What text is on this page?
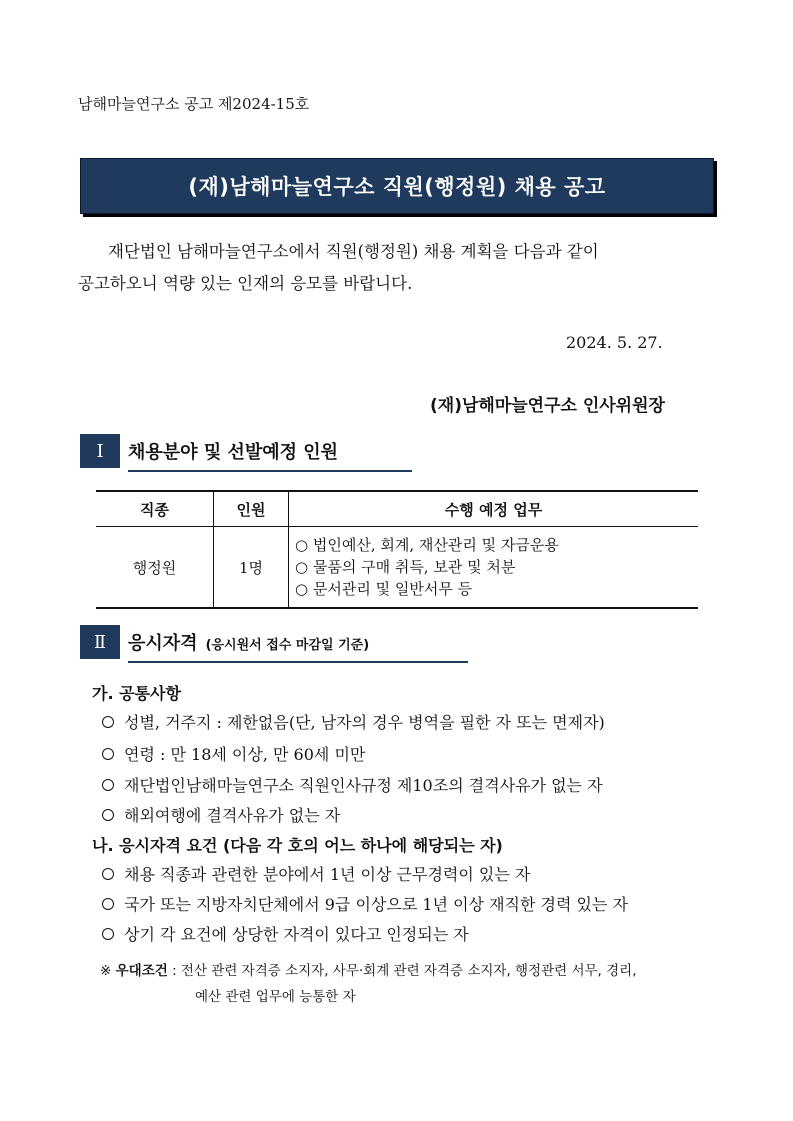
남해마늘연구소 공고 제2024-15호
(재)남해마늘연구소 직원(행정원) 채용 공고
재단법인 남해마늘연구소에서 직원(행정원) 채용 계획을 다음과 같이
공고하오니 역량 있는 인재의 응모를 바랍니다.
2024. 5. 27.
(재)남해마늘연구소 인사위원장
Ⅰ	채용분야 및 선발예정 인원
직종	인원	수행 예정 업무
행정원	1명	○ 법인예산, 회계, 재산관리 및 자금운용
○ 물품의 구매 취득, 보관 및 처분
○ 문서관리 및 일반서무 등
Ⅱ	응시자격 (응시원서 접수 마감일 기준)
가. 공통사항
성별, 거주지 : 제한없음(단, 남자의 경우 병역을 필한 자 또는 면제자)
연령 : 만 18세 이상, 만 60세 미만
재단법인남해마늘연구소 직원인사규정 제10조의 결격사유가 없는 자
해외여행에 결격사유가 없는 자
나. 응시자격 요건 (다음 각 호의 어느 하나에 해당되는 자)
채용 직종과 관련한 분야에서 1년 이상 근무경력이 있는 자
국가 또는 지방자치단체에서 9급 이상으로 1년 이상 재직한 경력 있는 자
상기 각 요건에 상당한 자격이 있다고 인정되는 자
※ 우대조건 : 전산 관련 자격증 소지자, 사무·회계 관련 자격증 소지자, 행정관련 서무, 경리,
예산 관련 업무에 능통한 자
